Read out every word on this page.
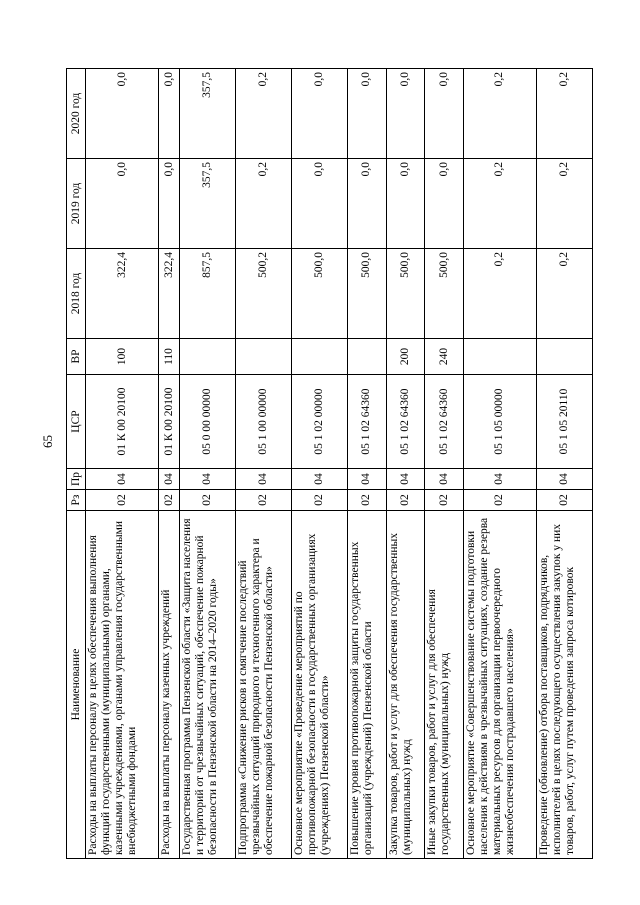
65
Наименование	Рз	Пр	ЦСР	ВР	2018 год	2019 год	2020 год
Расходы на выплаты персоналу в целях обеспечения выполнения функций государственными (муниципальными) органами, казенными учреждениями, органами управления государственными внебюджетными фондами	02	04	01 К 00 20100	100	322,4	0,0	0,0
Расходы на выплаты персоналу казенных учреждений	02	04	01 К 00 20100	110	322,4	0,0	0,0
Государственная программа Пензенской области «Защита населения и территорий от чрезвычайных ситуаций, обеспечение пожарной безопасности в Пензенской области на 2014–2020 годы»	02	04	05 0 00 00000		857,5	357,5	357,5
Подпрограмма «Снижение рисков и смягчение последствий чрезвычайных ситуаций природного и техногенного характера и обеспечение пожарной безопасности Пензенской области»	02	04	05 1 00 00000		500,2	0,2	0,2
Основное мероприятие «Проведение мероприятий по противопожарной безопасности в государственных организациях (учреждениях) Пензенской области»	02	04	05 1 02 00000		500,0	0,0	0,0
Повышение уровня противопожарной защиты государственных организаций (учреждений) Пензенской области	02	04	05 1 02 64360		500,0	0,0	0,0
Закупка товаров, работ и услуг для обеспечения государственных (муниципальных) нужд	02	04	05 1 02 64360	200	500,0	0,0	0,0
Иные закупки товаров, работ и услуг для обеспечения государственных (муниципальных) нужд	02	04	05 1 02 64360	240	500,0	0,0	0,0
Основное мероприятие «Совершенствование системы подготовки населения к действиям в чрезвычайных ситуациях, создание резерва материальных ресурсов для организации первоочередного жизнеобеспечения пострадавшего населения»	02	04	05 1 05 00000		0,2	0,2	0,2
Проведение (обновление) отбора поставщиков, подрядчиков, исполнителей в целях последующего осуществления закупок у них товаров, работ, услуг путем проведения запроса котировок	02	04	05 1 05 20110		0,2	0,2	0,2
